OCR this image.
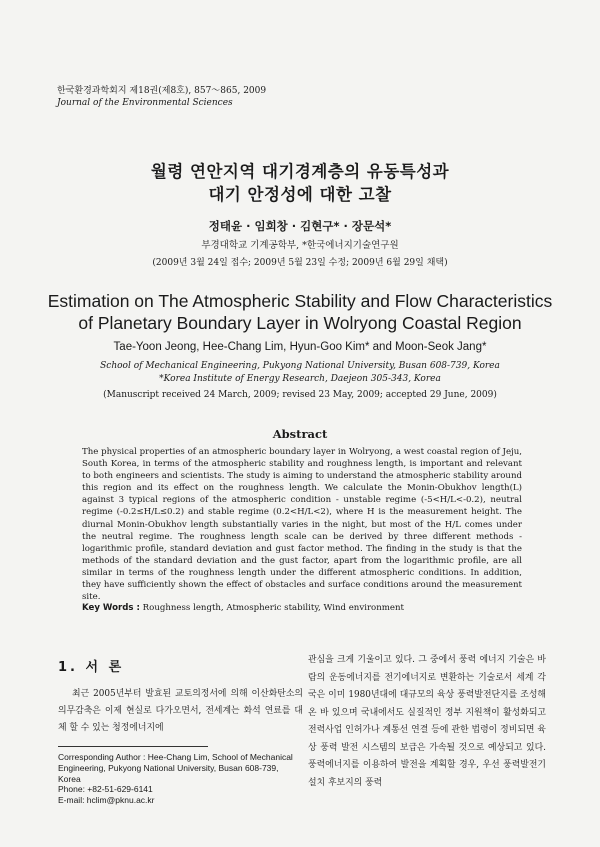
한국환경과학회지 제18권(제8호), 857～865, 2009
Journal of the Environmental Sciences
월령 연안지역 대기경계층의 유동특성과
대기 안정성에 대한 고찰
정태윤 · 임희창 · 김현구* · 장문석*
부경대학교 기계공학부, *한국에너지기술연구원
(2009년 3월 24일 접수; 2009년 5월 23일 수정; 2009년 6월 29일 채택)
Estimation on The Atmospheric Stability and Flow Characteristics
of Planetary Boundary Layer in Wolryong Coastal Region
Tae-Yoon Jeong, Hee-Chang Lim, Hyun-Goo Kim* and Moon-Seok Jang*
School of Mechanical Engineering, Pukyong National University, Busan 608-739, Korea
*Korea Institute of Energy Research, Daejeon 305-343, Korea
(Manuscript received 24 March, 2009; revised 23 May, 2009; accepted 29 June, 2009)
Abstract
The physical properties of an atmospheric boundary layer in Wolryong, a west coastal region of Jeju, South Korea, in terms of the atmospheric stability and roughness length, is important and relevant to both engineers and scientists. The study is aiming to understand the atmospheric stability around this region and its effect on the roughness length. We calculate the Monin-Obukhov length(L) against 3 typical regions of the atmospheric condition - unstable regime (-5<H/L<-0.2), neutral regime (-0.2≤H/L≤0.2) and stable regime (0.2<H/L<2), where H is the measurement height. The diurnal Monin-Obukhov length substantially varies in the night, but most of the H/L comes under the neutral regime. The roughness length scale can be derived by three different methods - logarithmic profile, standard deviation and gust factor method. The finding in the study is that the methods of the standard deviation and the gust factor, apart from the logarithmic profile, are all similar in terms of the roughness length under the different atmospheric conditions. In addition, they have sufficiently shown the effect of obstacles and surface conditions around the measurement site.
Key Words : Roughness length, Atmospheric stability, Wind environment
1. 서 론

최근 2005년부터 발효된 교토의정서에 의해 이산화탄소의 의무감축은 이제 현실로 다가오면서, 전세계는 화석 연료를 대체 할 수 있는 청정에너지에

Corresponding Author : Hee-Chang Lim, School of Mechanical
Engineering, Pukyong National University, Busan 608-739,
Korea
Phone: +82-51-629-6141
E-mail: hclim@pknu.ac.kr

관심을 크게 기울이고 있다. 그 중에서 풍력 에너지 기술은 바람의 운동에너지를 전기에너지로 변환하는 기술로서 세계 각국은 이미 1980년대에 대규모의 육상 풍력발전단지를 조성해 온 바 있으며 국내에서도 실질적인 정부 지원책이 활성화되고 전력사업 인허가나 계통선 연결 등에 관한 법령이 정비되면 육상 풍력 발전 시스템의 보급은 가속될 것으로 예상되고 있다. 풍력에너지를 이용하여 발전을 계획할 경우, 우선 풍력발전기 설치 후보지의 풍력
